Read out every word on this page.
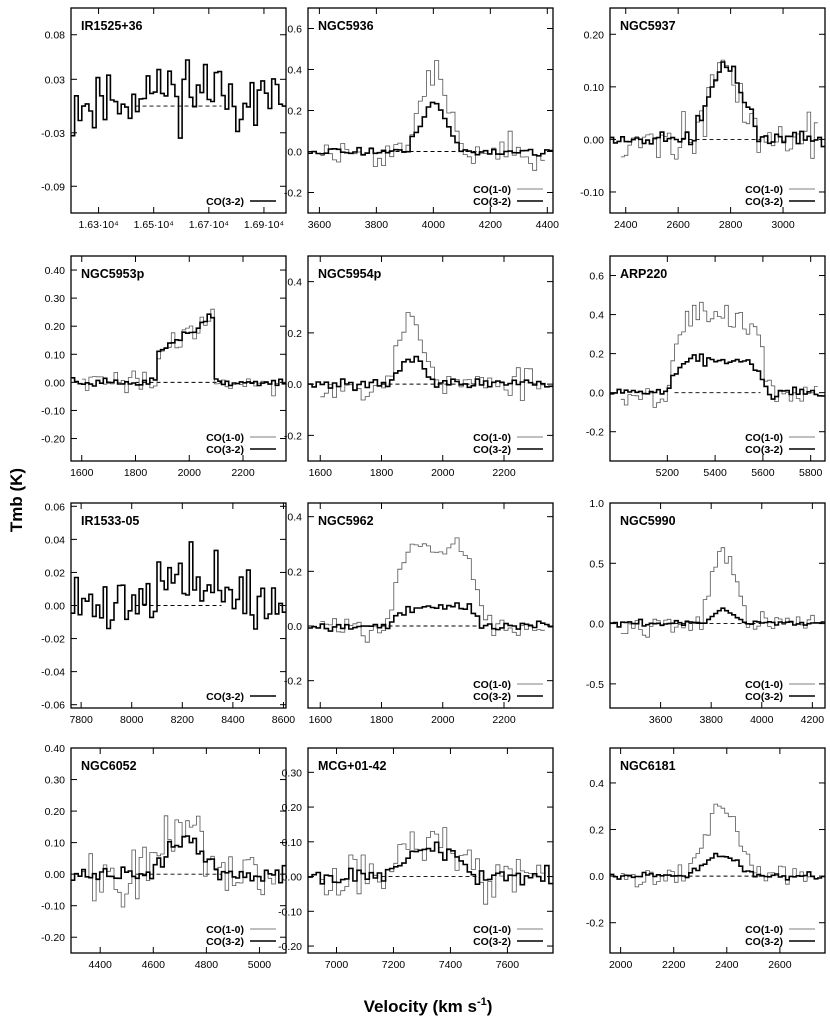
1.63·10⁴ 1.65·10⁴ 1.67·10⁴ 1.69·10⁴
-0.09
-0.03
0.03
0.08
IR1525+36
CO(3-2)
3600	3800	4000	4200	4400
-0.2
0.0
0.2
0.4
0.6 NGC5936
CO(3-2)
CO(1-0)
2400	2600	2800	3000
-0.10
0.00
0.10
0.20
NGC5937
CO(3-2)
CO(1-0)
1600	1800	2000	2200
-0.20
-0.10
0.00
0.10
0.20
0.30
0.40 NGC5953p
CO(3-2)
CO(1-0)
1600	1800	2000	2200
-0.2
0.0
0.2
0.4
NGC5954p
CO(3-2)
CO(1-0)
5200 5400 5600 5800
-0.2
0.0
0.2
0.4
0.6 ARP220
CO(3-2)
CO(1-0)
7800	8000	8200	8400	8600
-0.06
-0.04
-0.02
0.00
0.02
0.04
0.06
IR1533-05
CO(3-2)
1600	1800	2000	2200
-0.2
0.0
0.2
0.4 NGC5962
CO(3-2)
CO(1-0)
3600	3800	4000	4200
-0.5
0.0
0.5
1.0
NGC5990
CO(3-2)
CO(1-0)
4400	4600	4800	5000
-0.20
-0.10
0.00
0.10
0.20
0.30
0.40
NGC6052
CO(3-2)
CO(1-0)
7000	7200	7400	7600
-0.20
-0.10
0.00
0.10
0.20
0.30
MCG+01-42
CO(3-2)
CO(1-0)
2000	2200	2400	2600
-0.2
0.0
0.2
0.4
NGC6181
CO(3-2)
CO(1-0)
Tmb (K)
Velocity (km $s^{-1}$)
